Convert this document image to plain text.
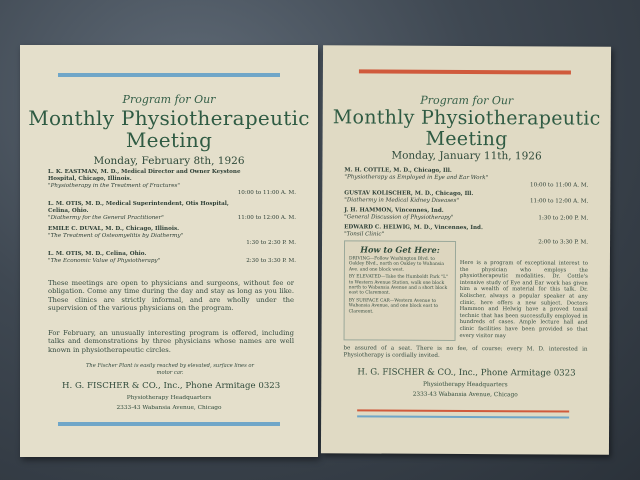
Program for Our
Monthly Physiotherapeutic
Meeting
Monday, February 8th, 1926
L. K. EASTMAN, M. D., Medical Director and Owner Keystone
Hospital, Chicago, Illinois.
"Physiotherapy in the Treatment of Fractures"
10:00 to 11:00 A. M.
L. M. OTIS, M. D., Medical Superintendent, Otis Hospital,
Celina, Ohio.
"Diathermy for the General Practitioner"	11:00 to 12:00 A. M.
EMILE C. DUVAL, M. D., Chicago, Illinois.
"The Treatment of Osteomyelitis by Diathermy"
1:30 to 2:30 P. M.
L. M. OTIS, M. D., Celina, Ohio.
"The Economic Value of Physiotherapy"	2:30 to 3:30 P. M.
These meetings are open to physicians and surgeons, without fee or obligation. Come any time during the day and stay as long as you like. These clinics are strictly informal, and are wholly under the supervision of the various physicians on the program.
For February, an unusually interesting program is offered, including talks and demonstrations by three physicians whose names are well known in physiotherapeutic circles.
The Fischer Plant is easily reached by elevated, surface lines or motor car.
H. G. FISCHER & CO., Inc., Phone Armitage 0323
Physiotherapy Headquarters
2333-43 Wabansia Avenue, Chicago
Program for Our
Monthly Physiotherapeutic
Meeting
Monday, January 11th, 1926
M. H. COTTLE, M. D., Chicago, Ill.
"Physiotherapy as Employed in Eye and Ear Work"
10:00 to 11:00 A. M.
GUSTAV KOLISCHER, M. D., Chicago, Ill.
"Diathermy in Medical Kidney Diseases"	11:00 to 12:00 A. M.
J. H. HAMMON, Vincennes, Ind.
"General Discussion of Physiotherapy"	1:30 to 2:00 P. M.
EDWARD C. HELWIG, M. D., Vincennes, Ind.
"Tonsil Clinic"
2:00 to 3:30 P. M.
How to Get Here:
DRIVING—Follow Washington Blvd. to Oakley Blvd., north on Oakley to Wabansia Ave. and one block west.
BY ELEVATED—Take the Humboldt Park "L" to Western Avenue Station, walk one block north to Wabansia Avenue and a short block east to Claremont.
BY SURFACE CAR—Western Avenue to Wabansia Avenue, and one block east to Claremont.
Here is a program of exceptional interest to the physician who employs the physiotherapeutic modalities. Dr. Cottle's intensive study of Eye and Ear work has given him a wealth of material for this talk. Dr. Kolischer, always a popular speaker at any clinic, here offers a new subject. Doctors Hammon and Helwig have a proved tonsil technic that has been successfully employed in hundreds of cases. Ample lecture hall and clinic facilities have been provided so that every visitor may
be assured of a seat. There is no fee, of course; every M. D. interested in Physiotherapy is cordially invited.
H. G. FISCHER & CO., Inc., Phone Armitage 0323
Physiotherapy Headquarters
2333-43 Wabansia Avenue, Chicago
